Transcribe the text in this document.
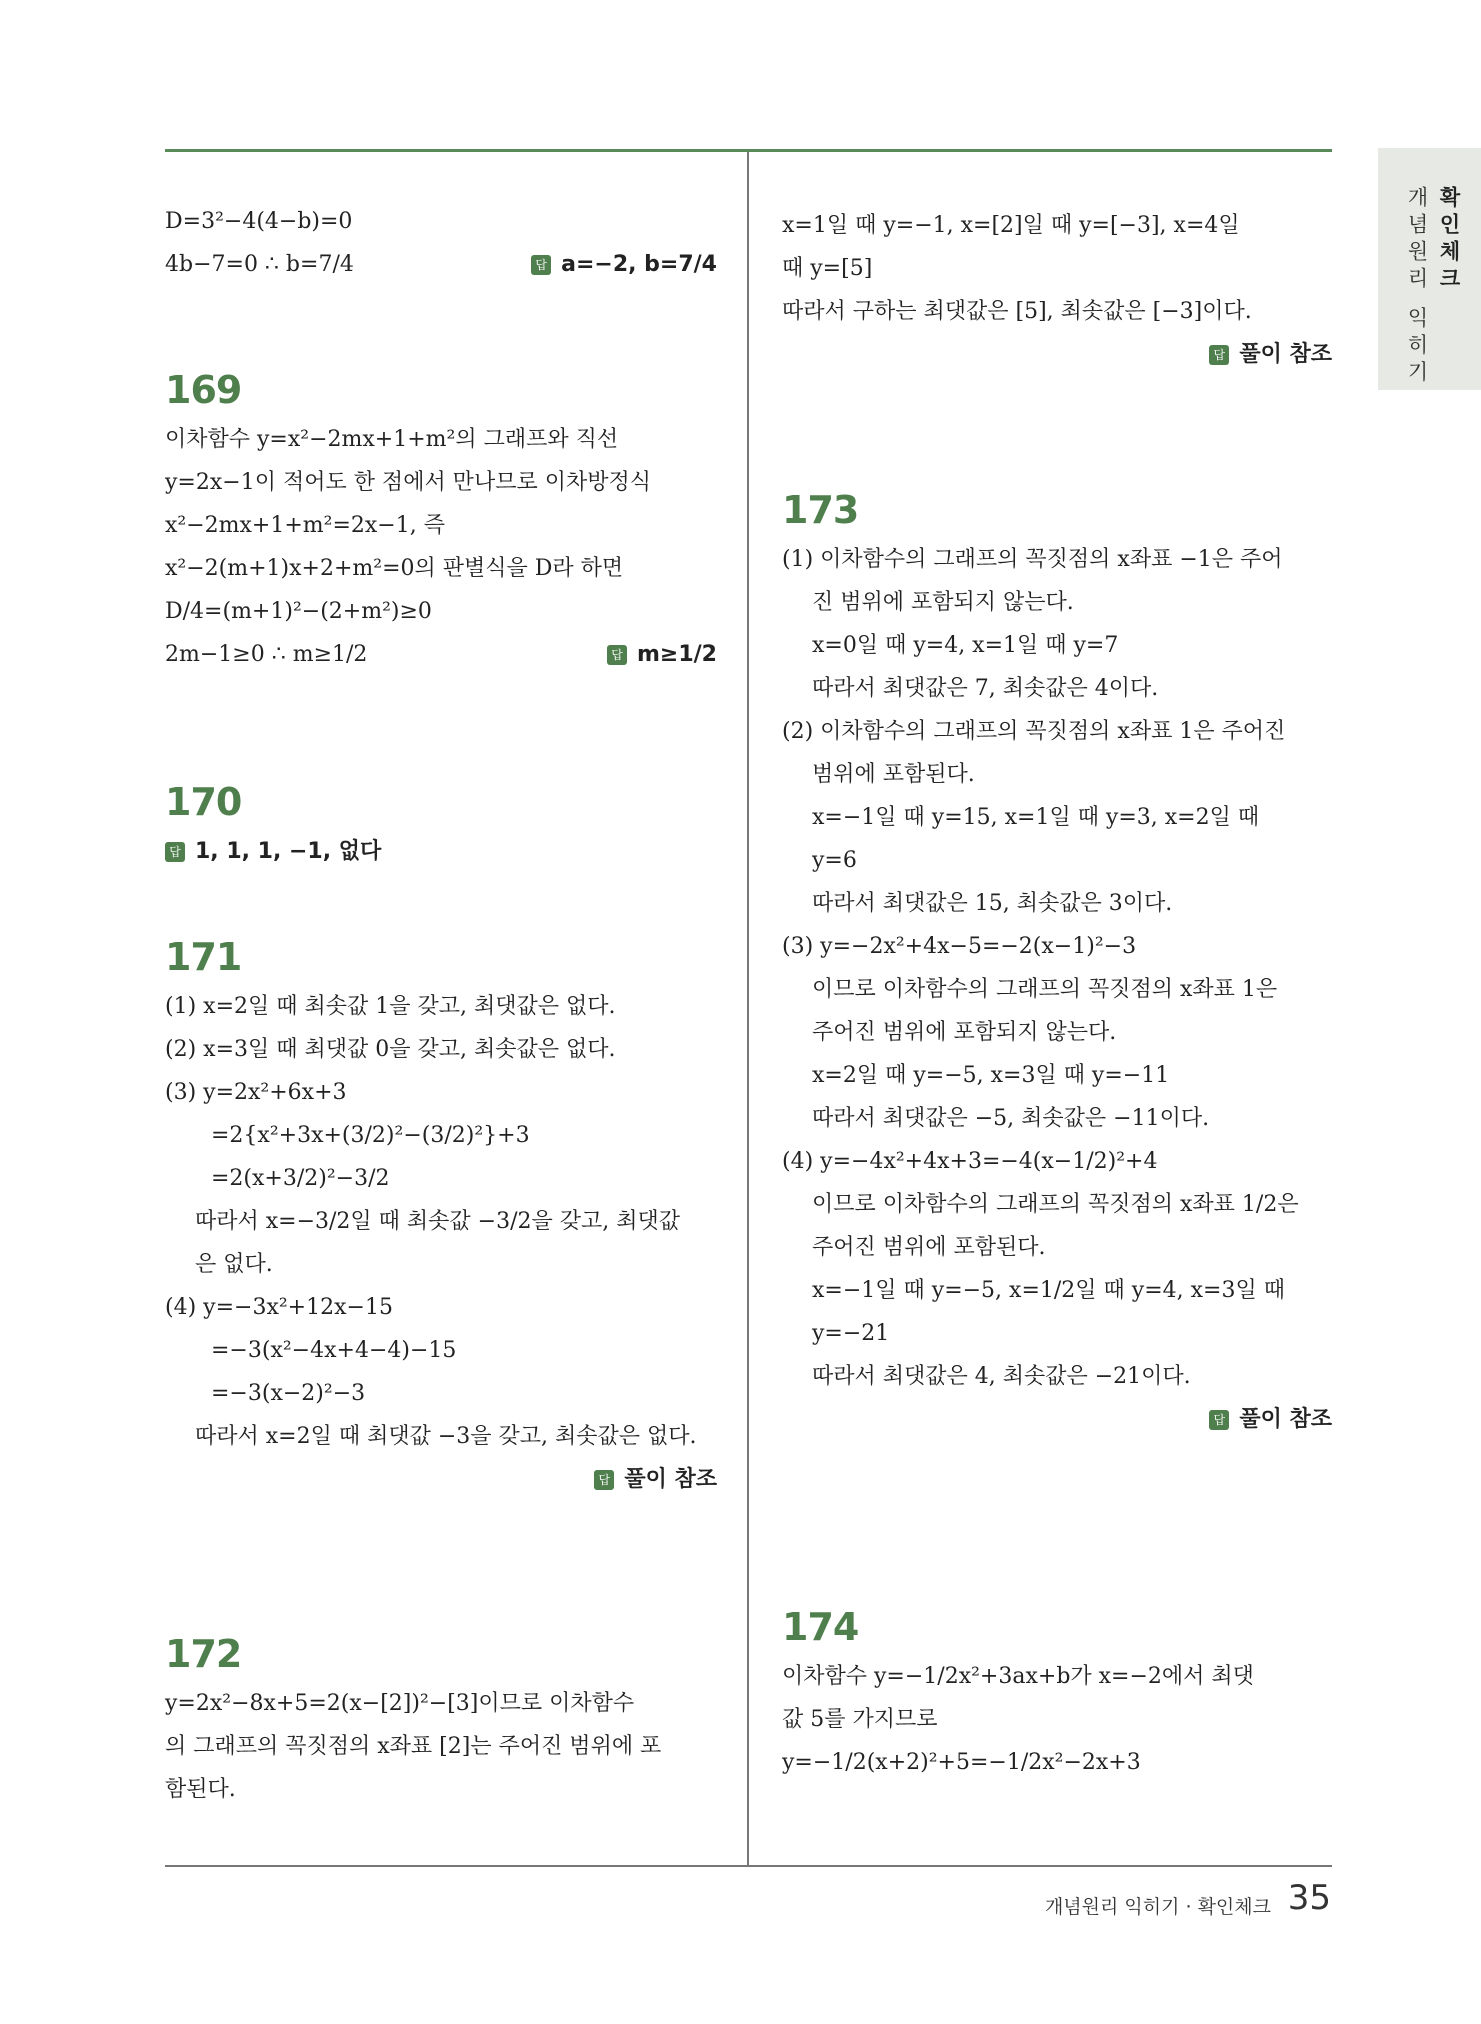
확인체크
개념원리 익히기
D=3²−4(4−b)=0
4b−7=0 ∴ b=7/4	답 a=−2, b=7/4
169
이차함수 y=x²−2mx+1+m²의 그래프와 직선
y=2x−1이 적어도 한 점에서 만나므로 이차방정식
x²−2mx+1+m²=2x−1, 즉
x²−2(m+1)x+2+m²=0의 판별식을 D라 하면
D/4=(m+1)²−(2+m²)≥0
2m−1≥0 ∴ m≥1/2	답 m≥1/2
170
답 1, 1, 1, −1, 없다
171
(1) x=2일 때 최솟값 1을 갖고, 최댓값은 없다.
(2) x=3일 때 최댓값 0을 갖고, 최솟값은 없다.
(3) y=2x²+6x+3
=2{x²+3x+(3/2)²−(3/2)²}+3
=2(x+3/2)²−3/2
따라서 x=−3/2일 때 최솟값 −3/2을 갖고, 최댓값
은 없다.
(4) y=−3x²+12x−15
=−3(x²−4x+4−4)−15
=−3(x−2)²−3
따라서 x=2일 때 최댓값 −3을 갖고, 최솟값은 없다.
답 풀이 참조
172
y=2x²−8x+5=2(x−[2])²−[3]이므로 이차함수
의 그래프의 꼭짓점의 x좌표 [2]는 주어진 범위에 포
함된다.
x=1일 때 y=−1, x=[2]일 때 y=[−3], x=4일
때 y=[5]
따라서 구하는 최댓값은 [5], 최솟값은 [−3]이다.
답 풀이 참조
173
(1) 이차함수의 그래프의 꼭짓점의 x좌표 −1은 주어
진 범위에 포함되지 않는다.
x=0일 때 y=4, x=1일 때 y=7
따라서 최댓값은 7, 최솟값은 4이다.
(2) 이차함수의 그래프의 꼭짓점의 x좌표 1은 주어진
범위에 포함된다.
x=−1일 때 y=15, x=1일 때 y=3, x=2일 때
y=6
따라서 최댓값은 15, 최솟값은 3이다.
(3) y=−2x²+4x−5=−2(x−1)²−3
이므로 이차함수의 그래프의 꼭짓점의 x좌표 1은
주어진 범위에 포함되지 않는다.
x=2일 때 y=−5, x=3일 때 y=−11
따라서 최댓값은 −5, 최솟값은 −11이다.
(4) y=−4x²+4x+3=−4(x−1/2)²+4
이므로 이차함수의 그래프의 꼭짓점의 x좌표 1/2은
주어진 범위에 포함된다.
x=−1일 때 y=−5, x=1/2일 때 y=4, x=3일 때
y=−21
따라서 최댓값은 4, 최솟값은 −21이다.
답 풀이 참조
174
이차함수 y=−1/2x²+3ax+b가 x=−2에서 최댓
값 5를 가지므로
y=−1/2(x+2)²+5=−1/2x²−2x+3
개념원리 익히기 · 확인체크 35
